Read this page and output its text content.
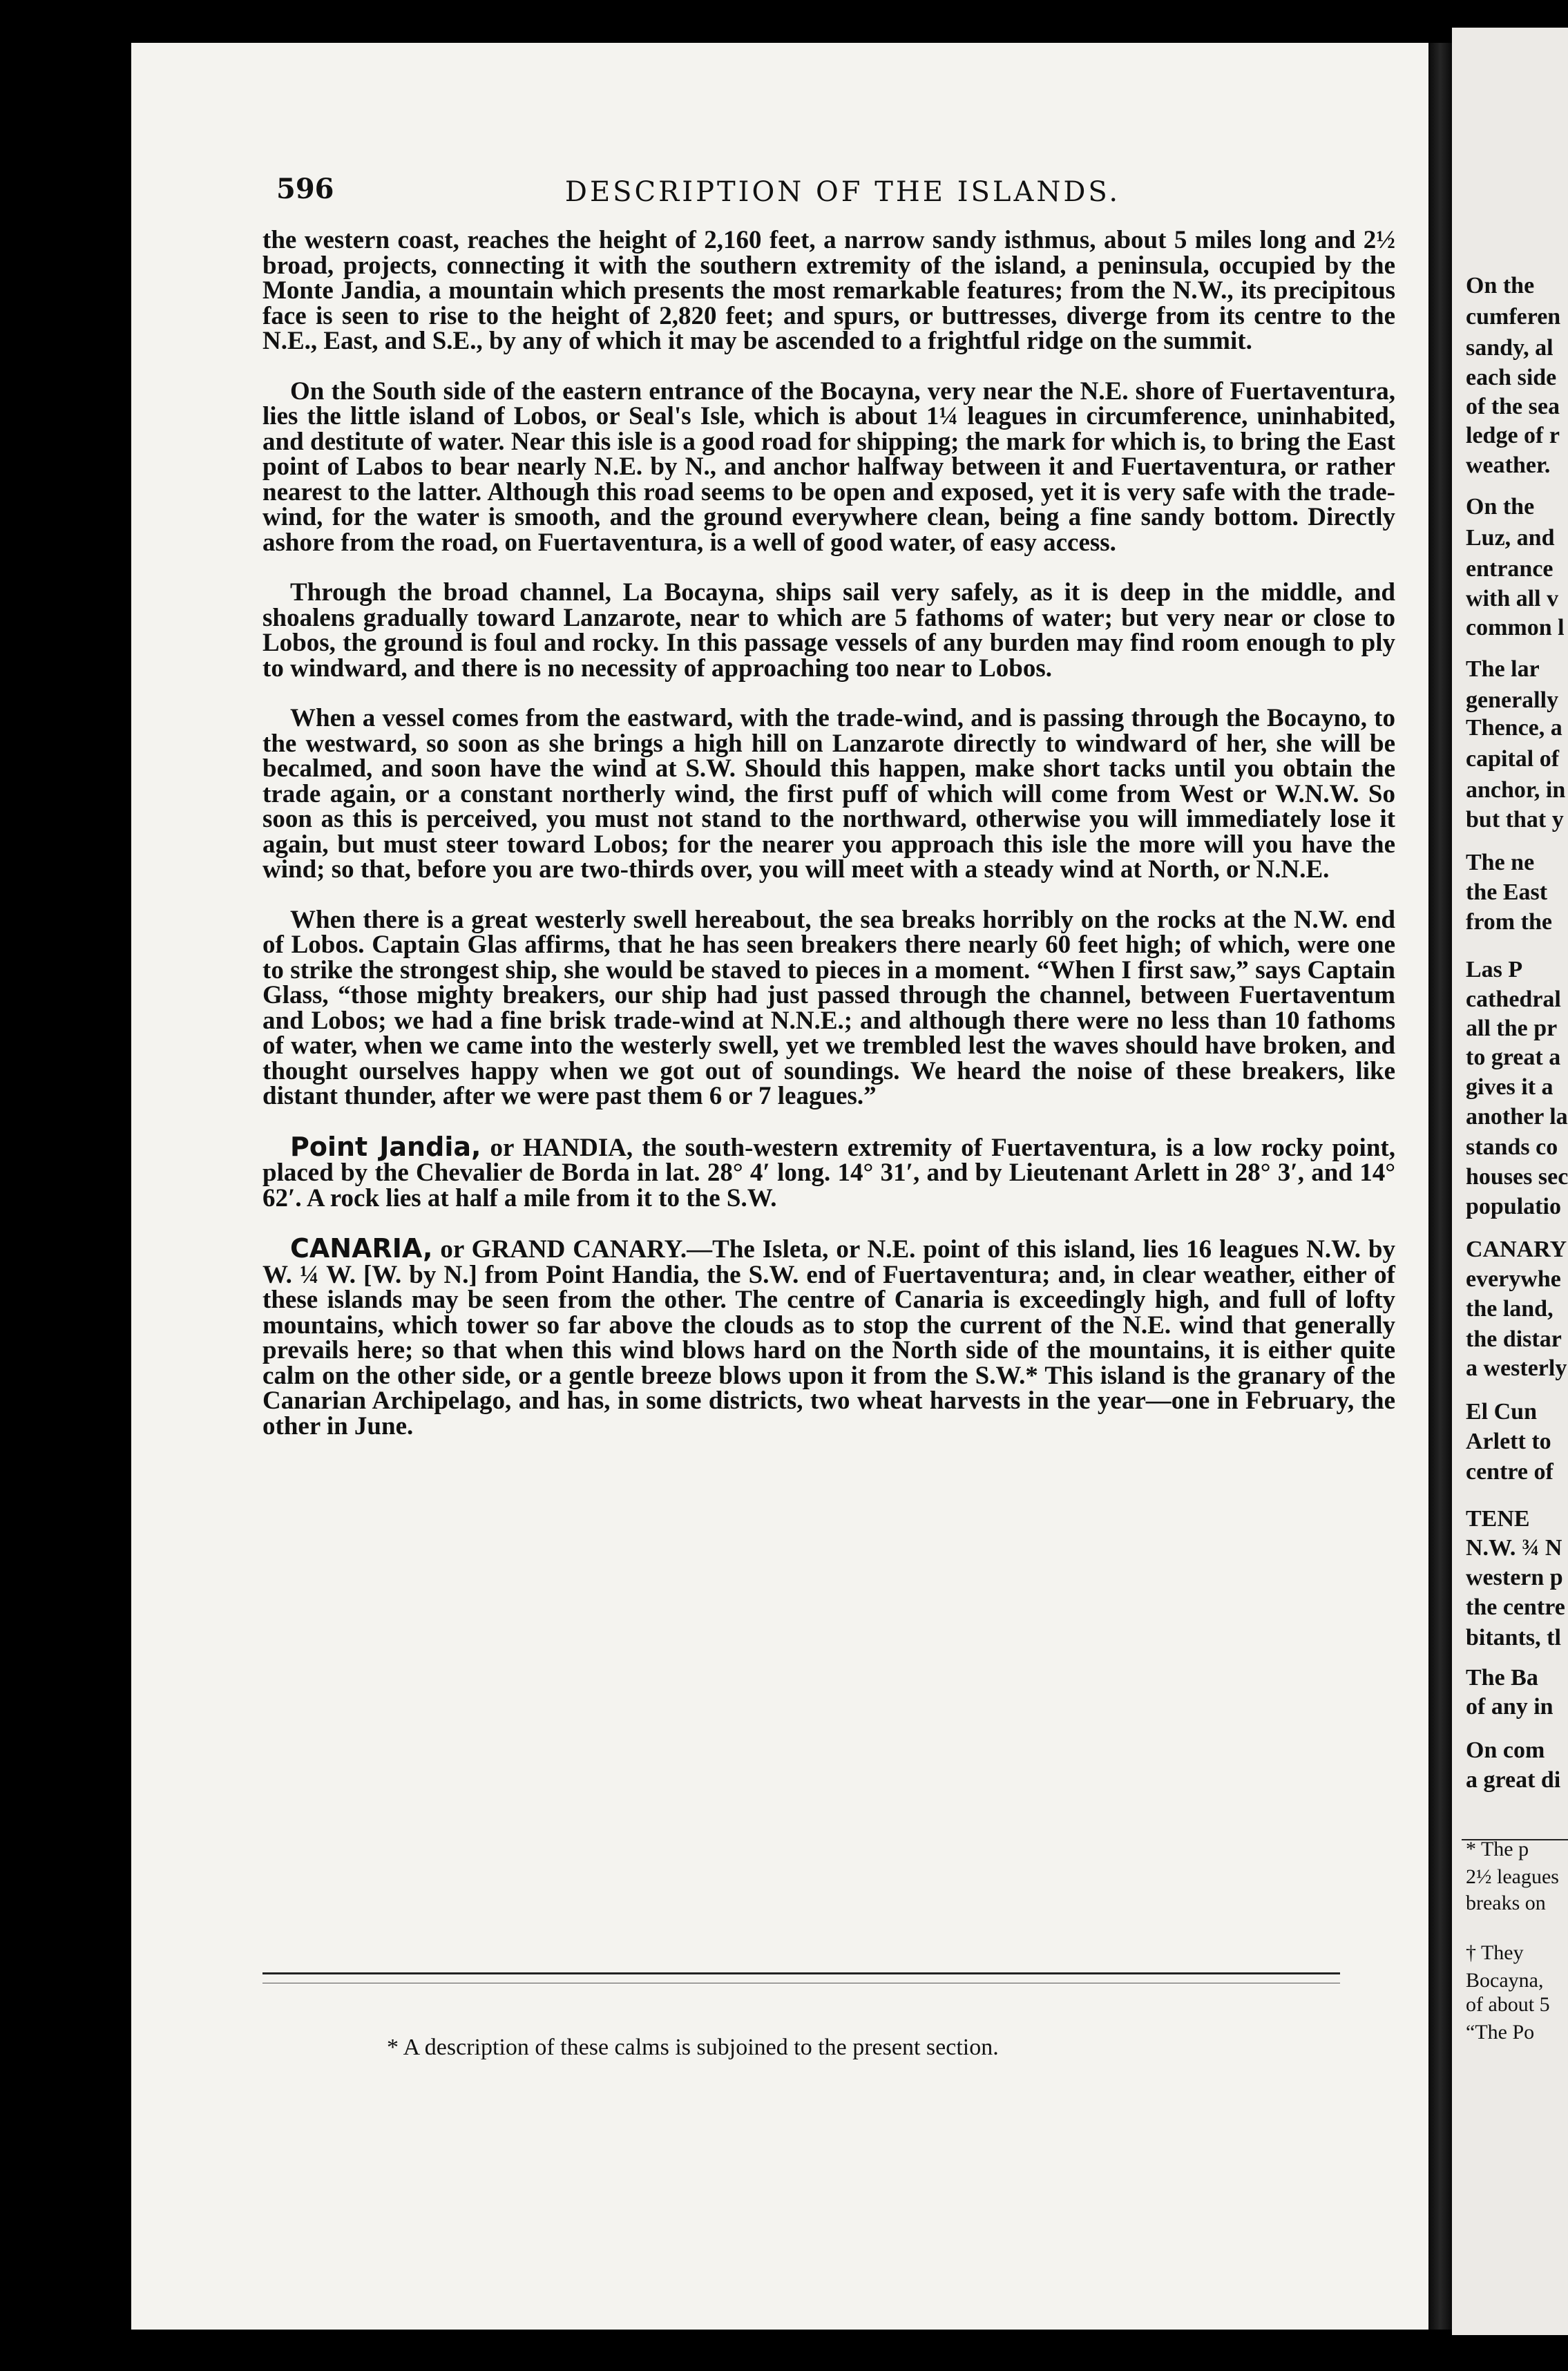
On the
cumferen
sandy, al
each side
of the sea
ledge of r
weather.
On the
Luz, and
entrance
with all v
common l
The lar
generally
Thence, a
capital of
anchor, in
but that y
The ne
the East
from the
Las P
cathedral
all the pr
to great a
gives it a
another la
stands co
houses sec
populatio
CANARY
everywhe
the land,
the distar
a westerly
El Cun
Arlett to
centre of
TENE
N.W. ¾ N
western p
the centre
bitants, tl
The Ba
of any in
On com
a great di
* The p
2½ leagues
breaks on
† They
Bocayna,
of about 5
“The Po
596	DESCRIPTION OF THE ISLANDS.

the western coast, reaches the height of 2,160 feet, a narrow sandy isthmus, about 5 miles long and 2½ broad, projects, connecting it with the southern extremity of the island, a peninsula, occupied by the Monte Jandia, a mountain which presents the most remarkable features; from the N.W., its precipitous face is seen to rise to the height of 2,820 feet; and spurs, or buttresses, diverge from its centre to the N.E., East, and S.E., by any of which it may be ascended to a frightful ridge on the summit.

On the South side of the eastern entrance of the Bocayna, very near the N.E. shore of Fuertaventura, lies the little island of Lobos, or Seal's Isle, which is about 1¼ leagues in circumference, uninhabited, and destitute of water. Near this isle is a good road for shipping; the mark for which is, to bring the East point of Labos to bear nearly N.E. by N., and anchor halfway between it and Fuertaventura, or rather nearest to the latter. Although this road seems to be open and exposed, yet it is very safe with the trade-wind, for the water is smooth, and the ground everywhere clean, being a fine sandy bottom. Directly ashore from the road, on Fuertaventura, is a well of good water, of easy access.

Through the broad channel, La Bocayna, ships sail very safely, as it is deep in the middle, and shoalens gradually toward Lanzarote, near to which are 5 fathoms of water; but very near or close to Lobos, the ground is foul and rocky. In this passage vessels of any burden may find room enough to ply to windward, and there is no necessity of approaching too near to Lobos.

When a vessel comes from the eastward, with the trade-wind, and is passing through the Bocayno, to the westward, so soon as she brings a high hill on Lanzarote directly to windward of her, she will be becalmed, and soon have the wind at S.W. Should this happen, make short tacks until you obtain the trade again, or a constant northerly wind, the first puff of which will come from West or W.N.W. So soon as this is perceived, you must not stand to the northward, otherwise you will immediately lose it again, but must steer toward Lobos; for the nearer you approach this isle the more will you have the wind; so that, before you are two-thirds over, you will meet with a steady wind at North, or N.N.E.

When there is a great westerly swell hereabout, the sea breaks horribly on the rocks at the N.W. end of Lobos. Captain Glas affirms, that he has seen breakers there nearly 60 feet high; of which, were one to strike the strongest ship, she would be staved to pieces in a moment. “When I first saw,” says Captain Glass, “those mighty breakers, our ship had just passed through the channel, between Fuertaventum and Lobos; we had a fine brisk trade-wind at N.N.E.; and although there were no less than 10 fathoms of water, when we came into the westerly swell, yet we trembled lest the waves should have broken, and thought ourselves happy when we got out of soundings. We heard the noise of these breakers, like distant thunder, after we were past them 6 or 7 leagues.”

Point Jandia, or HANDIA, the south-western extremity of Fuertaventura, is a low rocky point, placed by the Chevalier de Borda in lat. 28° 4′ long. 14° 31′, and by Lieutenant Arlett in 28° 3′, and 14° 62′. A rock lies at half a mile from it to the S.W.

CANARIA, or GRAND CANARY.—The Isleta, or N.E. point of this island, lies 16 leagues N.W. by W. ¼ W. [W. by N.] from Point Handia, the S.W. end of Fuertaventura; and, in clear weather, either of these islands may be seen from the other. The centre of Canaria is exceedingly high, and full of lofty mountains, which tower so far above the clouds as to stop the current of the N.E. wind that generally prevails here; so that when this wind blows hard on the North side of the mountains, it is either quite calm on the other side, or a gentle breeze blows upon it from the S.W.* This island is the granary of the Canarian Archipelago, and has, in some districts, two wheat harvests in the year—one in February, the other in June.

* A description of these calms is subjoined to the present section.
